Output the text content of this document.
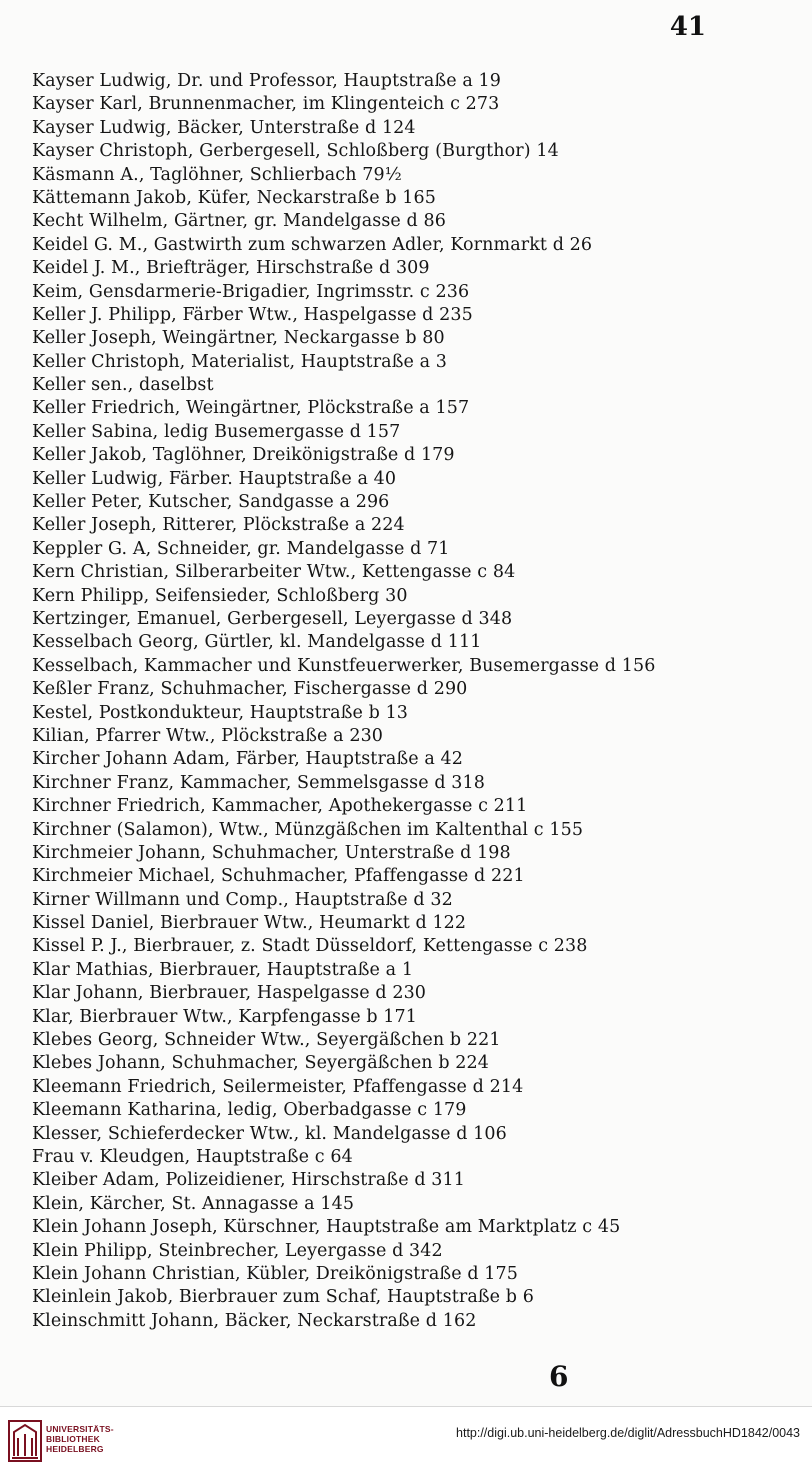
41
Kayser Ludwig, Dr. und Professor, Hauptstraße a 19
Kayser Karl, Brunnenmacher, im Klingenteich c 273
Kayser Ludwig, Bäcker, Unterstraße d 124
Kayser Christoph, Gerbergesell, Schloßberg (Burgthor) 14
Käsmann A., Taglöhner, Schlierbach 79½
Kättemann Jakob, Küfer, Neckarstraße b 165
Kecht Wilhelm, Gärtner, gr. Mandelgasse d 86
Keidel G. M., Gastwirth zum schwarzen Adler, Kornmarkt d 26
Keidel J. M., Briefträger, Hirschstraße d 309
Keim, Gensdarmerie-Brigadier, Ingrimsstr. c 236
Keller J. Philipp, Färber Wtw., Haspelgasse d 235
Keller Joseph, Weingärtner, Neckargasse b 80
Keller Christoph, Materialist, Hauptstraße a 3
Keller sen., daselbst
Keller Friedrich, Weingärtner, Plöckstraße a 157
Keller Sabina, ledig Busemergasse d 157
Keller Jakob, Taglöhner, Dreikönigstraße d 179
Keller Ludwig, Färber. Hauptstraße a 40
Keller Peter, Kutscher, Sandgasse a 296
Keller Joseph, Ritterer, Plöckstraße a 224
Keppler G. A, Schneider, gr. Mandelgasse d 71
Kern Christian, Silberarbeiter Wtw., Kettengasse c 84
Kern Philipp, Seifensieder, Schloßberg 30
Kertzinger, Emanuel, Gerbergesell, Leyergasse d 348
Kesselbach Georg, Gürtler, kl. Mandelgasse d 111
Kesselbach, Kammacher und Kunstfeuerwerker, Busemergasse d 156
Keßler Franz, Schuhmacher, Fischergasse d 290
Kestel, Postkondukteur, Hauptstraße b 13
Kilian, Pfarrer Wtw., Plöckstraße a 230
Kircher Johann Adam, Färber, Hauptstraße a 42
Kirchner Franz, Kammacher, Semmelsgasse d 318
Kirchner Friedrich, Kammacher, Apothekergasse c 211
Kirchner (Salamon), Wtw., Münzgäßchen im Kaltenthal c 155
Kirchmeier Johann, Schuhmacher, Unterstraße d 198
Kirchmeier Michael, Schuhmacher, Pfaffengasse d 221
Kirner Willmann und Comp., Hauptstraße d 32
Kissel Daniel, Bierbrauer Wtw., Heumarkt d 122
Kissel P. J., Bierbrauer, z. Stadt Düsseldorf, Kettengasse c 238
Klar Mathias, Bierbrauer, Hauptstraße a 1
Klar Johann, Bierbrauer, Haspelgasse d 230
Klar, Bierbrauer Wtw., Karpfengasse b 171
Klebes Georg, Schneider Wtw., Seyergäßchen b 221
Klebes Johann, Schuhmacher, Seyergäßchen b 224
Kleemann Friedrich, Seilermeister, Pfaffengasse d 214
Kleemann Katharina, ledig, Oberbadgasse c 179
Klesser, Schieferdecker Wtw., kl. Mandelgasse d 106
Frau v. Kleudgen, Hauptstraße c 64
Kleiber Adam, Polizeidiener, Hirschstraße d 311
Klein, Kärcher, St. Annagasse a 145
Klein Johann Joseph, Kürschner, Hauptstraße am Marktplatz c 45
Klein Philipp, Steinbrecher, Leyergasse d 342
Klein Johann Christian, Kübler, Dreikönigstraße d 175
Kleinlein Jakob, Bierbrauer zum Schaf, Hauptstraße b 6
Kleinschmitt Johann, Bäcker, Neckarstraße d 162
6
UNIVERSITÄTS-
BIBLIOTHEK
HEIDELBERG
http://digi.ub.uni-heidelberg.de/diglit/AdressbuchHD1842/0043
